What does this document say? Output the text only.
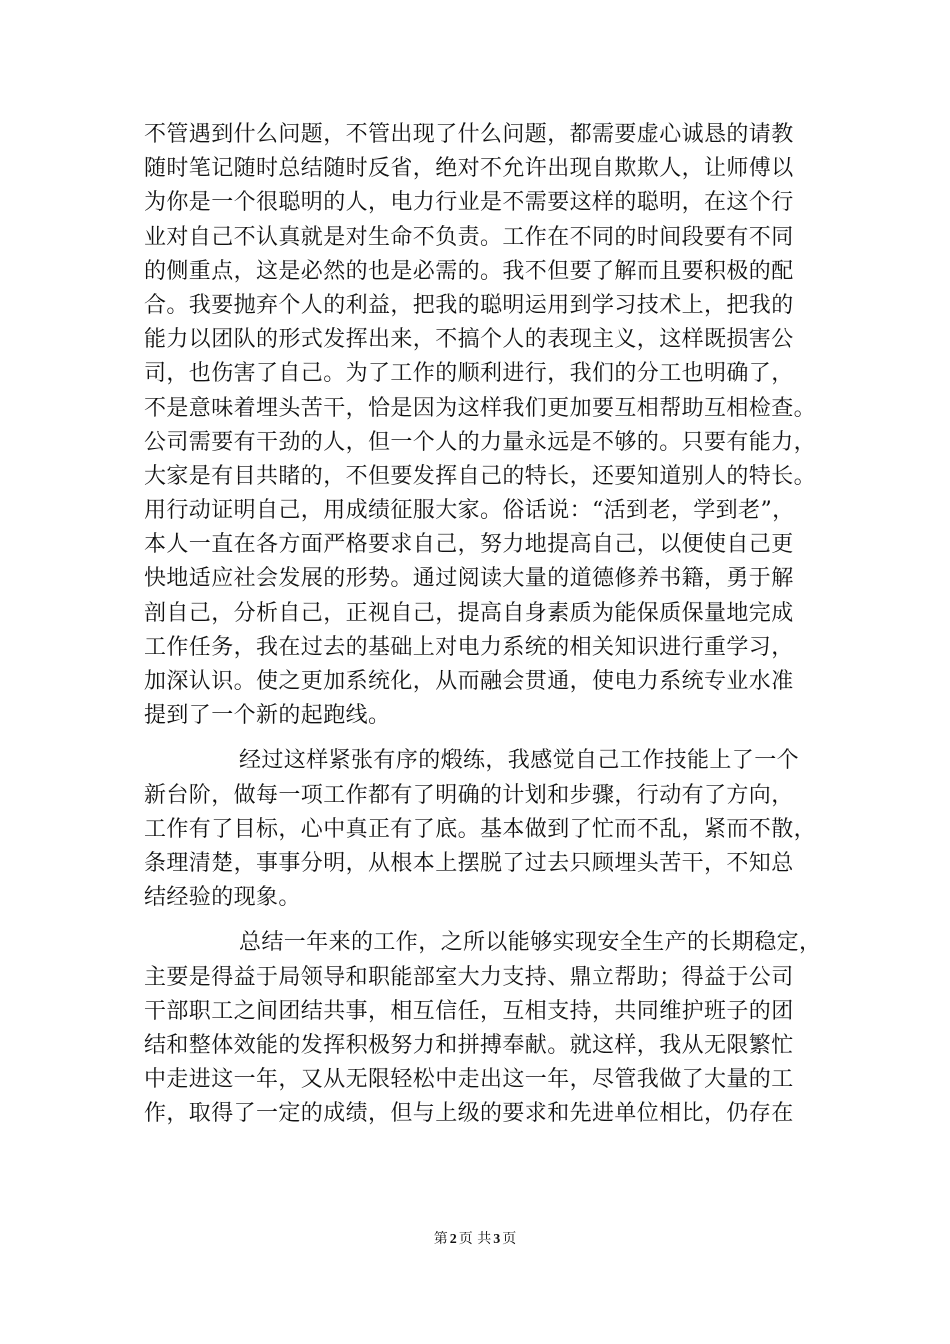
不管遇到什么问题，不管出现了什么问题，都需要虚心诚恳的请教
随时笔记随时总结随时反省，绝对不允许出现自欺欺人，让师傅以
为你是一个很聪明的人，电力行业是不需要这样的聪明，在这个行
业对自己不认真就是对生命不负责。工作在不同的时间段要有不同
的侧重点，这是必然的也是必需的。我不但要了解而且要积极的配
合。我要抛弃个人的利益，把我的聪明运用到学习技术上，把我的
能力以团队的形式发挥出来，不搞个人的表现主义，这样既损害公
司，也伤害了自己。为了工作的顺利进行，我们的分工也明确了，
不是意味着埋头苦干，恰是因为这样我们更加要互相帮助互相检查。
公司需要有干劲的人，但一个人的力量永远是不够的。只要有能力，
大家是有目共睹的，不但要发挥自己的特长，还要知道别人的特长。
用行动证明自己，用成绩征服大家。俗话说：“活到老，学到老”，
本人一直在各方面严格要求自己，努力地提高自己，以便使自己更
快地适应社会发展的形势。通过阅读大量的道德修养书籍，勇于解
剖自己，分析自己，正视自己，提高自身素质为能保质保量地完成
工作任务，我在过去的基础上对电力系统的相关知识进行重学习，
加深认识。使之更加系统化，从而融会贯通，使电力系统专业水准
提到了一个新的起跑线。
经过这样紧张有序的煅练，我感觉自己工作技能上了一个
新台阶，做每一项工作都有了明确的计划和步骤，行动有了方向，
工作有了目标，心中真正有了底。基本做到了忙而不乱，紧而不散，
条理清楚，事事分明，从根本上摆脱了过去只顾埋头苦干，不知总
结经验的现象。
总结一年来的工作，之所以能够实现安全生产的长期稳定，
主要是得益于局领导和职能部室大力支持、鼎立帮助；得益于公司
干部职工之间团结共事，相互信任，互相支持，共同维护班子的团
结和整体效能的发挥积极努力和拼搏奉献。就这样，我从无限繁忙
中走进这一年，又从无限轻松中走出这一年，尽管我做了大量的工
作，取得了一定的成绩，但与上级的要求和先进单位相比，仍存在
第 2 页 共 3 页
